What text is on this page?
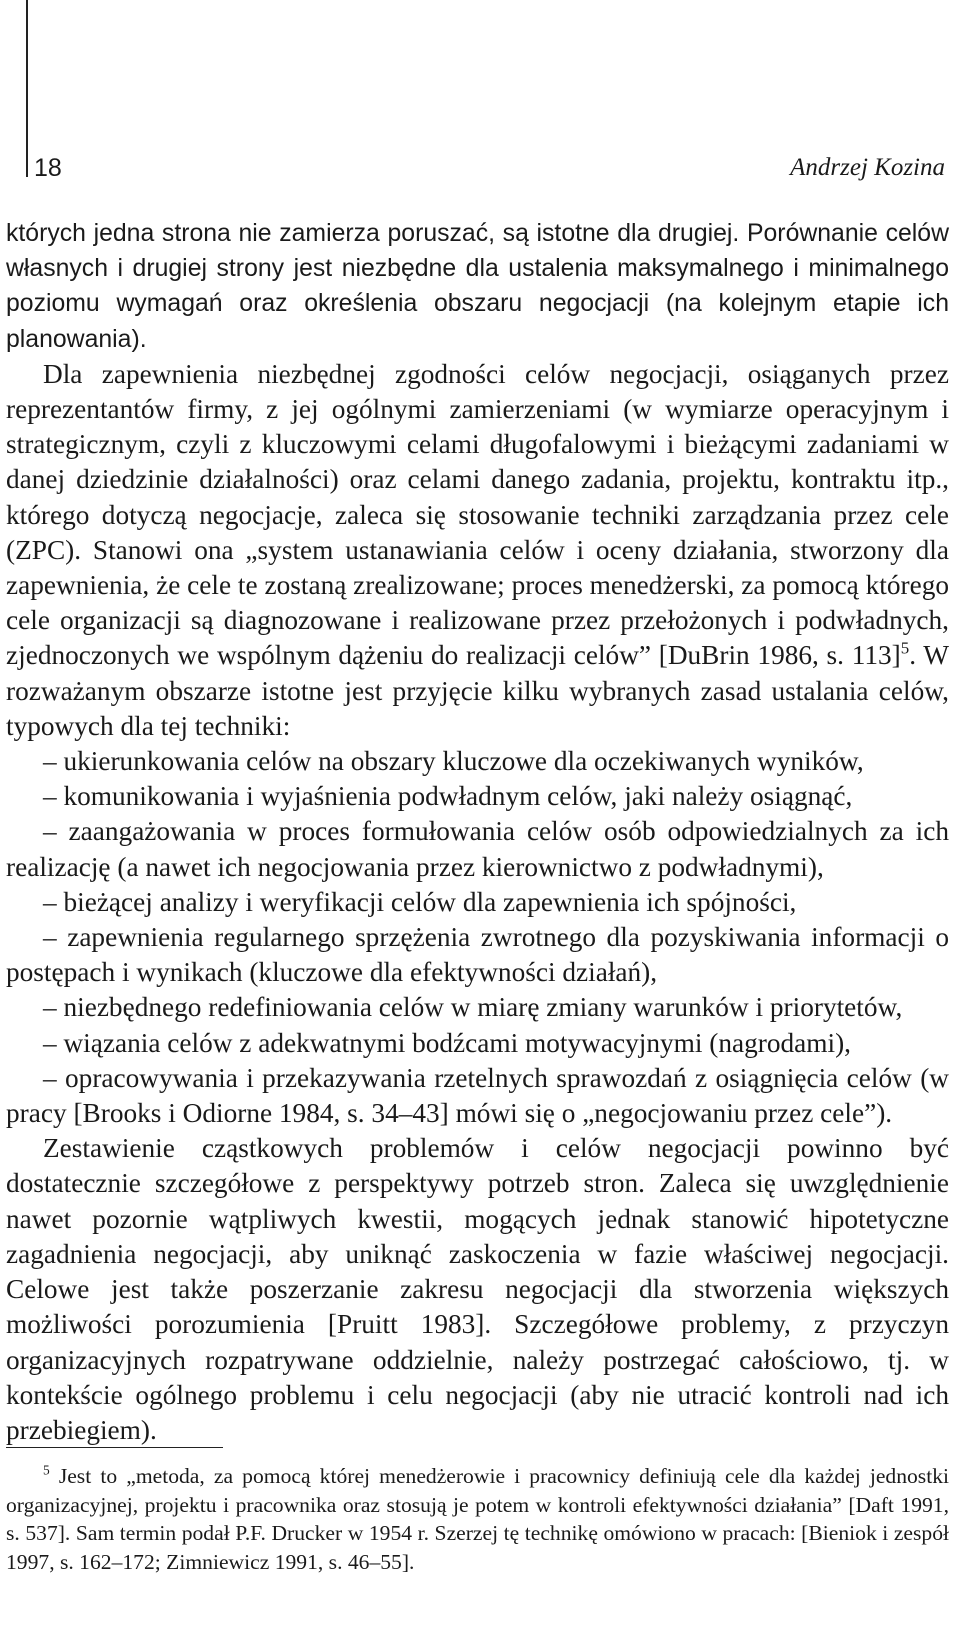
18	Andrzej Kozina

których jedna strona nie zamierza poruszać, są istotne dla drugiej. Porównanie celów własnych i drugiej strony jest niezbędne dla ustalenia maksymalnego i minimalnego poziomu wymagań oraz określenia obszaru negocjacji (na kolejnym etapie ich planowania).

Dla zapewnienia niezbędnej zgodności celów negocjacji, osiąganych przez reprezentantów firmy, z jej ogólnymi zamierzeniami (w wymiarze operacyjnym i strategicznym, czyli z kluczowymi celami długofalowymi i bieżącymi zadaniami w danej dziedzinie działalności) oraz celami danego zadania, projektu, kontraktu itp., którego dotyczą negocjacje, zaleca się stosowanie techniki zarządzania przez cele (ZPC). Stanowi ona „system ustanawiania celów i oceny działania, stworzony dla zapewnienia, że cele te zostaną zrealizowane; proces menedżerski, za pomocą którego cele organizacji są diagnozowane i realizowane przez przełożonych i podwładnych, zjednoczonych we wspólnym dążeniu do realizacji celów” [DuBrin 1986, s. 113]$^5$. W rozważanym obszarze istotne jest przyjęcie kilku wybranych zasad ustalania celów, typowych dla tej techniki:

– ukierunkowania celów na obszary kluczowe dla oczekiwanych wyników,

– komunikowania i wyjaśnienia podwładnym celów, jaki należy osiągnąć,

– zaangażowania w proces formułowania celów osób odpowiedzialnych za ich realizację (a nawet ich negocjowania przez kierownictwo z podwładnymi),

– bieżącej analizy i weryfikacji celów dla zapewnienia ich spójności,

– zapewnienia regularnego sprzężenia zwrotnego dla pozyskiwania informacji o postępach i wynikach (kluczowe dla efektywności działań),

– niezbędnego redefiniowania celów w miarę zmiany warunków i priorytetów,

– wiązania celów z adekwatnymi bodźcami motywacyjnymi (nagrodami),

– opracowywania i przekazywania rzetelnych sprawozdań z osiągnięcia celów (w pracy [Brooks i Odiorne 1984, s. 34–43] mówi się o „negocjowaniu przez cele”).

Zestawienie cząstkowych problemów i celów negocjacji powinno być dostatecznie szczegółowe z perspektywy potrzeb stron. Zaleca się uwzględnienie nawet pozornie wątpliwych kwestii, mogących jednak stanowić hipotetyczne zagadnienia negocjacji, aby uniknąć zaskoczenia w fazie właściwej negocjacji. Celowe jest także poszerzanie zakresu negocjacji dla stworzenia większych możliwości porozumienia [Pruitt 1983]. Szczegółowe problemy, z przyczyn organizacyjnych rozpatrywane oddzielnie, należy postrzegać całościowo, tj. w kontekście ogólnego problemu i celu negocjacji (aby nie utracić kontroli nad ich przebiegiem).

$^5$ Jest to „metoda, za pomocą której menedżerowie i pracownicy definiują cele dla każdej jednostki organizacyjnej, projektu i pracownika oraz stosują je potem w kontroli efektywności działania” [Daft 1991, s. 537]. Sam termin podał P.F. Drucker w 1954 r. Szerzej tę technikę omówiono w pracach: [Bieniok i zespół 1997, s. 162–172; Zimniewicz 1991, s. 46–55].
